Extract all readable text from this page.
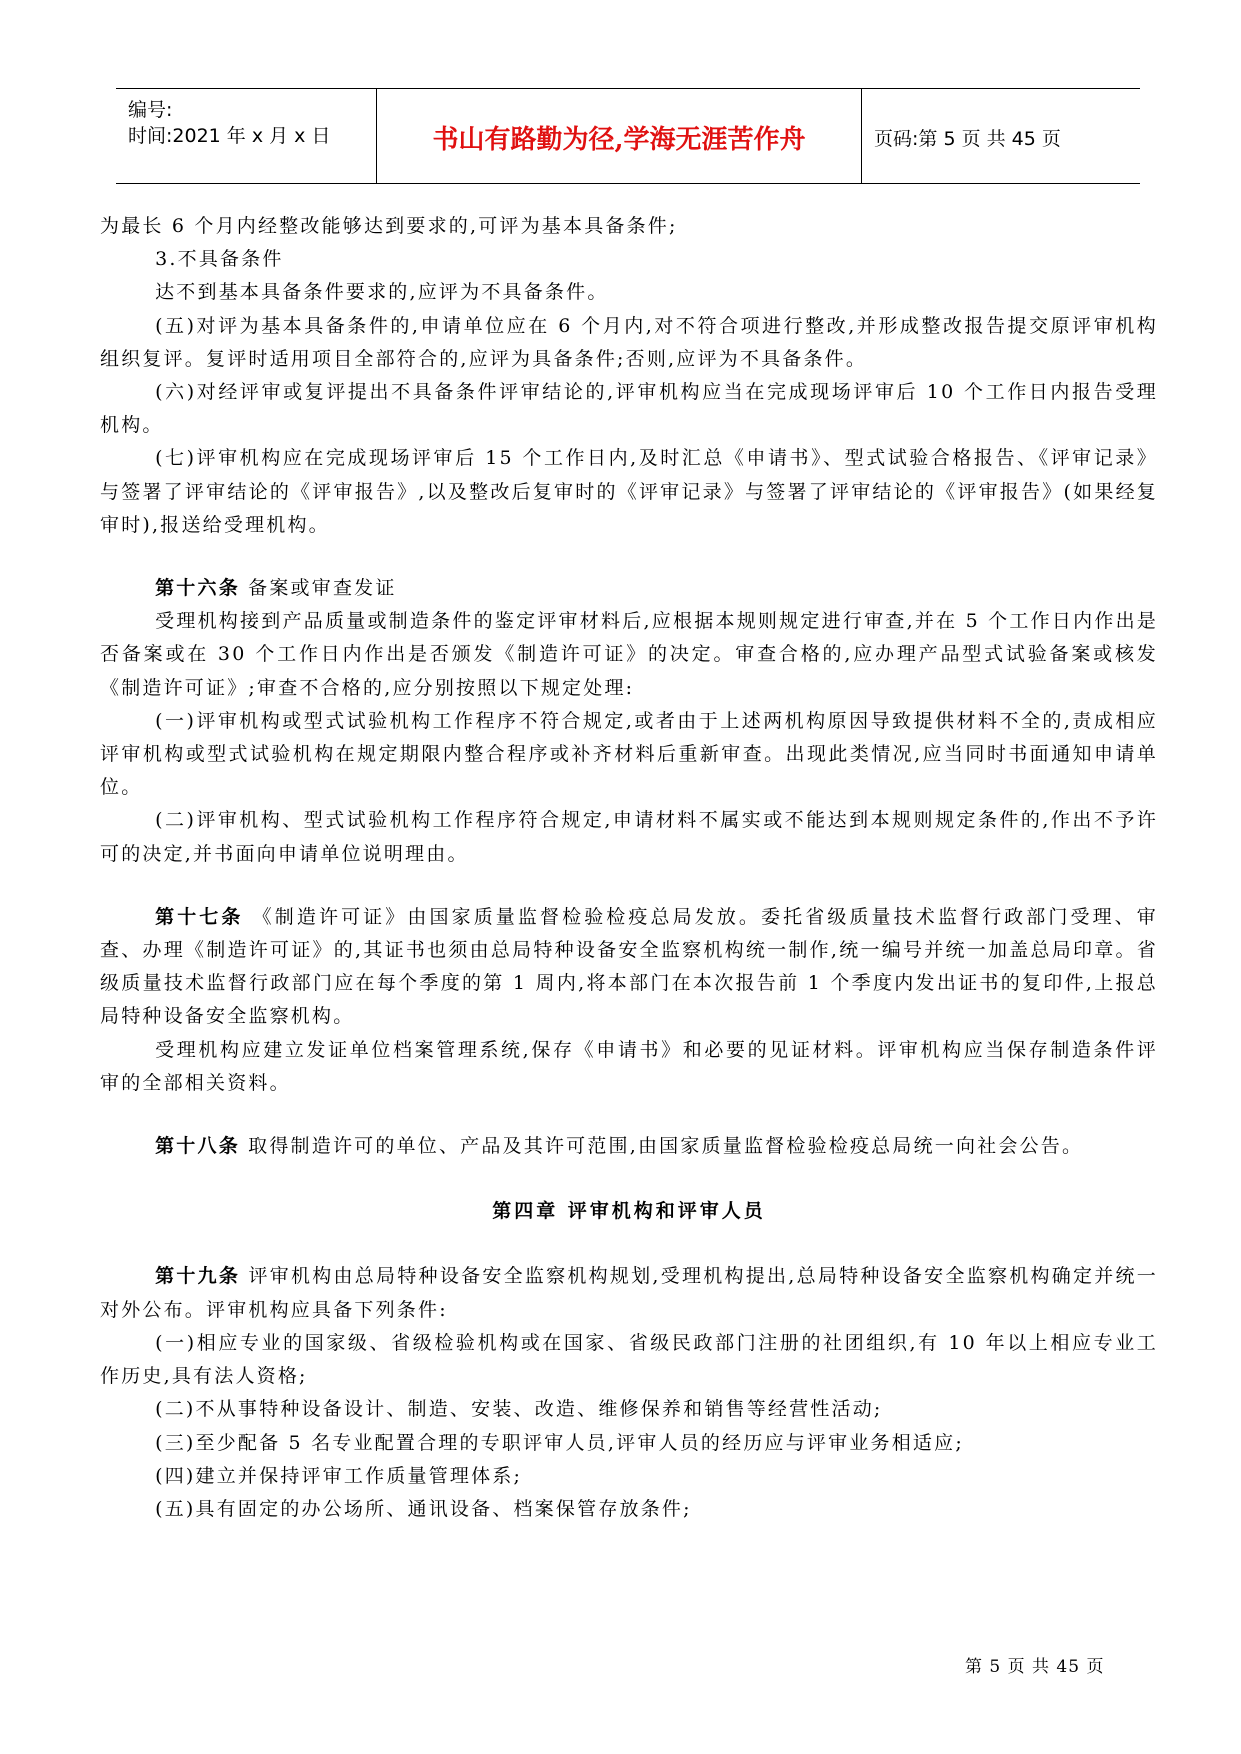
编号:
时间:2021 年 x 月 x 日	书山有路勤为径,学海无涯苦作舟	页码:第 5 页 共 45 页

为最长 6 个月内经整改能够达到要求的,可评为基本具备条件;

3.不具备条件

达不到基本具备条件要求的,应评为不具备条件。

(五)对评为基本具备条件的,申请单位应在 6 个月内,对不符合项进行整改,并形成整改报告提交原评审机构组织复评。复评时适用项目全部符合的,应评为具备条件;否则,应评为不具备条件。

(六)对经评审或复评提出不具备条件评审结论的,评审机构应当在完成现场评审后 10 个工作日内报告受理机构。

(七)评审机构应在完成现场评审后 15 个工作日内,及时汇总《申请书》、型式试验合格报告、《评审记录》与签署了评审结论的《评审报告》,以及整改后复审时的《评审记录》与签署了评审结论的《评审报告》(如果经复审时),报送给受理机构。

第十六条 备案或审查发证

受理机构接到产品质量或制造条件的鉴定评审材料后,应根据本规则规定进行审查,并在 5 个工作日内作出是否备案或在 30 个工作日内作出是否颁发《制造许可证》的决定。审查合格的,应办理产品型式试验备案或核发《制造许可证》;审查不合格的,应分别按照以下规定处理:

(一)评审机构或型式试验机构工作程序不符合规定,或者由于上述两机构原因导致提供材料不全的,责成相应评审机构或型式试验机构在规定期限内整合程序或补齐材料后重新审查。出现此类情况,应当同时书面通知申请单位。

(二)评审机构、型式试验机构工作程序符合规定,申请材料不属实或不能达到本规则规定条件的,作出不予许可的决定,并书面向申请单位说明理由。

第十七条 《制造许可证》由国家质量监督检验检疫总局发放。委托省级质量技术监督行政部门受理、审查、办理《制造许可证》的,其证书也须由总局特种设备安全监察机构统一制作,统一编号并统一加盖总局印章。省级质量技术监督行政部门应在每个季度的第 1 周内,将本部门在本次报告前 1 个季度内发出证书的复印件,上报总局特种设备安全监察机构。

受理机构应建立发证单位档案管理系统,保存《申请书》和必要的见证材料。评审机构应当保存制造条件评审的全部相关资料。

第十八条 取得制造许可的单位、产品及其许可范围,由国家质量监督检验检疫总局统一向社会公告。

第四章 评审机构和评审人员

第十九条 评审机构由总局特种设备安全监察机构规划,受理机构提出,总局特种设备安全监察机构确定并统一对外公布。评审机构应具备下列条件:

(一)相应专业的国家级、省级检验机构或在国家、省级民政部门注册的社团组织,有 10 年以上相应专业工作历史,具有法人资格;

(二)不从事特种设备设计、制造、安装、改造、维修保养和销售等经营性活动;

(三)至少配备 5 名专业配置合理的专职评审人员,评审人员的经历应与评审业务相适应;

(四)建立并保持评审工作质量管理体系;

(五)具有固定的办公场所、通讯设备、档案保管存放条件;

第 5 页 共 45 页
